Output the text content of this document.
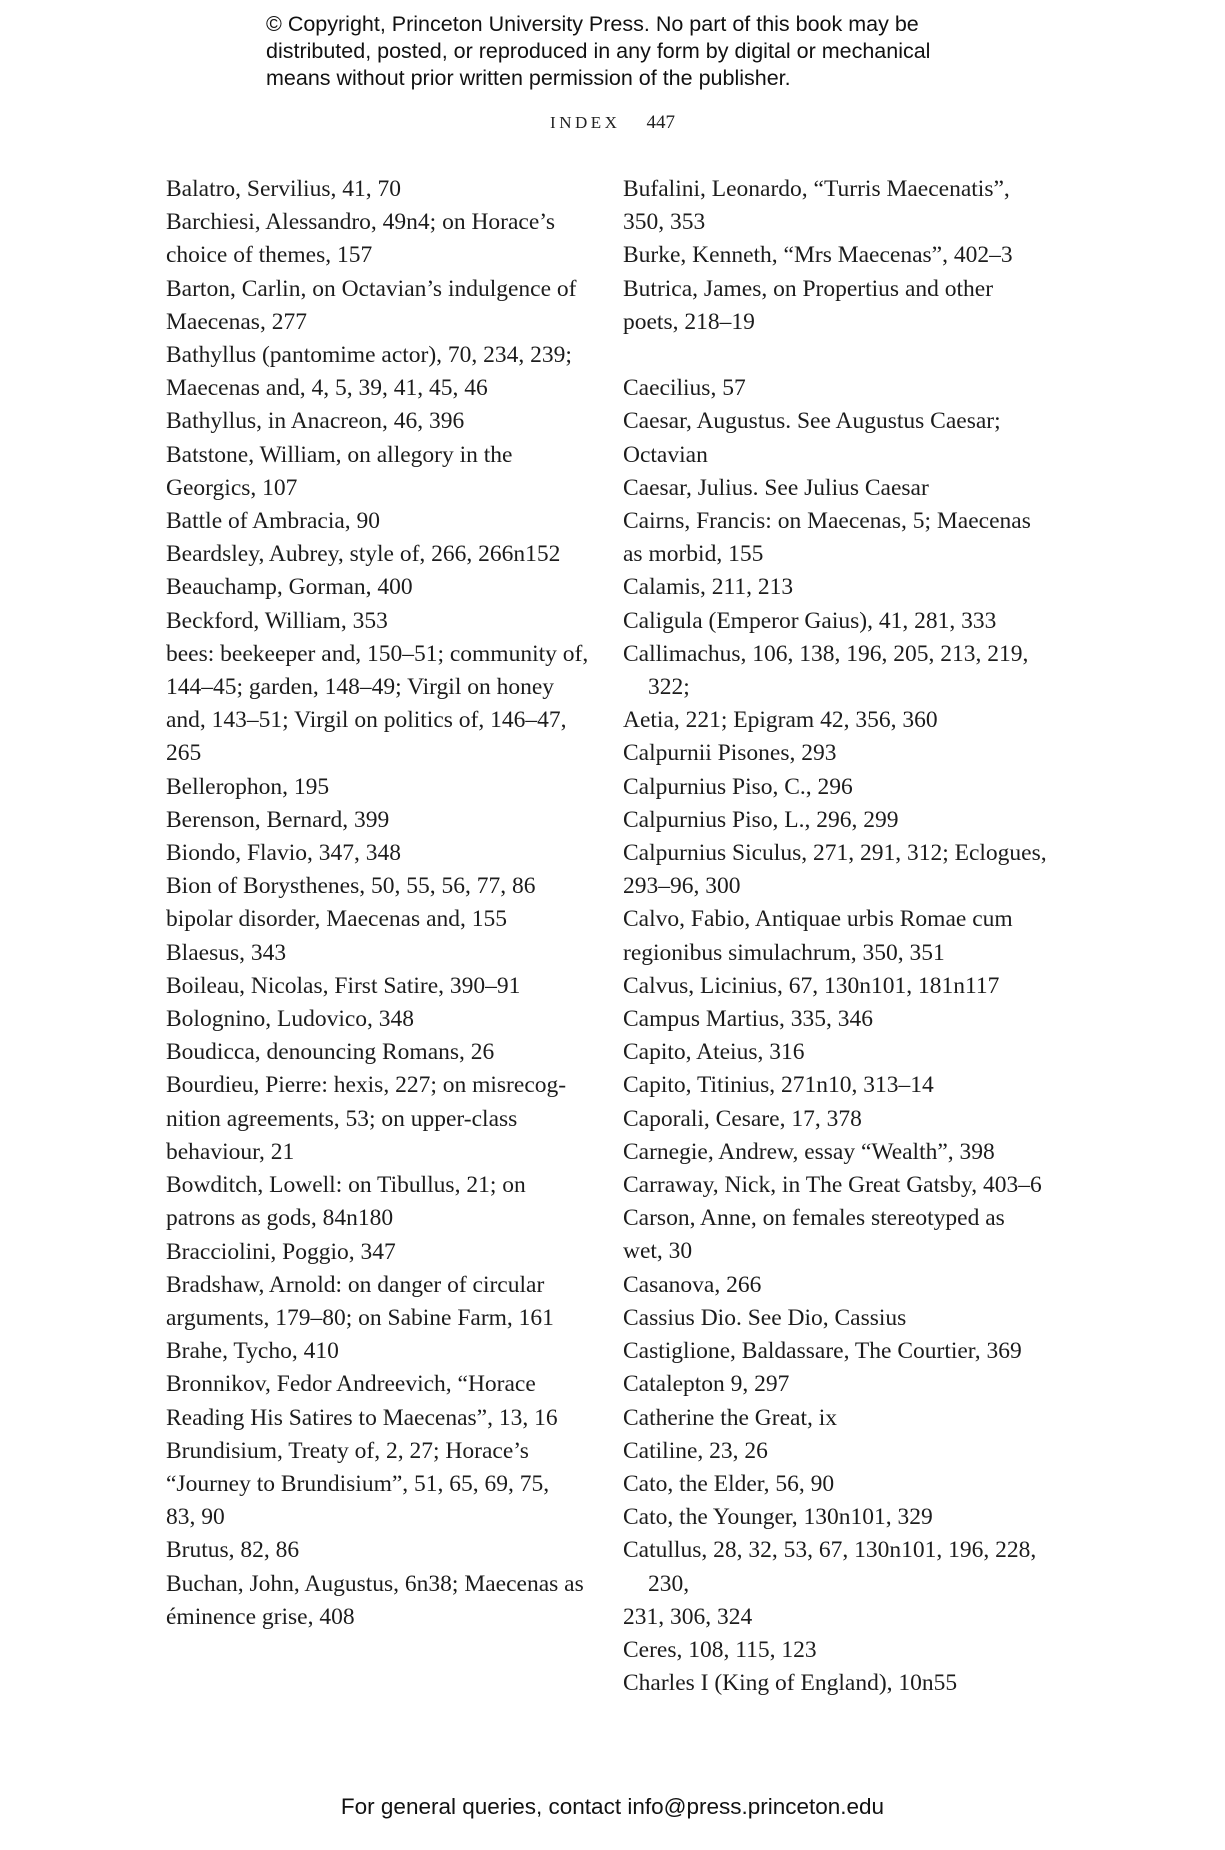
© Copyright, Princeton University Press. No part of this book may be
distributed, posted, or reproduced in any form by digital or mechanical
means without prior written permission of the publisher.
INDEX 447

Balatro, Servilius, 41, 70

Barchiesi, Alessandro, 49n4; on Horace’s
choice of themes, 157

Barton, Carlin, on Octavian’s indulgence of
Maecenas, 277

Bathyllus (pantomime actor), 70, 234, 239;
Maecenas and, 4, 5, 39, 41, 45, 46

Bathyllus, in Anacreon, 46, 396

Batstone, William, on allegory in the
Georgics, 107

Battle of Ambracia, 90

Beardsley, Aubrey, style of, 266, 266n152

Beauchamp, Gorman, 400

Beckford, William, 353

bees: beekeeper and, 150–51; community of,
144–45; garden, 148–49; Virgil on honey
and, 143–51; Virgil on politics of, 146–47,
265

Bellerophon, 195

Berenson, Bernard, 399

Biondo, Flavio, 347, 348

Bion of Borysthenes, 50, 55, 56, 77, 86

bipolar disorder, Maecenas and, 155

Blaesus, 343

Boileau, Nicolas, First Satire, 390–91

Bolognino, Ludovico, 348

Boudicca, denouncing Romans, 26

Bourdieu, Pierre: hexis, 227; on misrecog-
nition agreements, 53; on upper-class
behaviour, 21

Bowditch, Lowell: on Tibullus, 21; on
patrons as gods, 84n180

Bracciolini, Poggio, 347

Bradshaw, Arnold: on danger of circular
arguments, 179–80; on Sabine Farm, 161

Brahe, Tycho, 410

Bronnikov, Fedor Andreevich, “Horace
Reading His Satires to Maecenas”, 13, 16

Brundisium, Treaty of, 2, 27; Horace’s
“Journey to Brundisium”, 51, 65, 69, 75,
83, 90

Brutus, 82, 86

Buchan, John, Augustus, 6n38; Maecenas as
éminence grise, 408

Bufalini, Leonardo, “Turris Maecenatis”,
350, 353

Burke, Kenneth, “Mrs Maecenas”, 402–3

Butrica, James, on Propertius and other
poets, 218–19

Caecilius, 57

Caesar, Augustus. See Augustus Caesar;
Octavian

Caesar, Julius. See Julius Caesar

Cairns, Francis: on Maecenas, 5; Maecenas
as morbid, 155

Calamis, 211, 213

Caligula (Emperor Gaius), 41, 281, 333

Callimachus, 106, 138, 196, 205, 213, 219, 322;
Aetia, 221; Epigram 42, 356, 360

Calpurnii Pisones, 293

Calpurnius Piso, C., 296

Calpurnius Piso, L., 296, 299

Calpurnius Siculus, 271, 291, 312; Eclogues,
293–96, 300

Calvo, Fabio, Antiquae urbis Romae cum
regionibus simulachrum, 350, 351

Calvus, Licinius, 67, 130n101, 181n117

Campus Martius, 335, 346

Capito, Ateius, 316

Capito, Titinius, 271n10, 313–14

Caporali, Cesare, 17, 378

Carnegie, Andrew, essay “Wealth”, 398

Carraway, Nick, in The Great Gatsby, 403–6

Carson, Anne, on females stereotyped as
wet, 30

Casanova, 266

Cassius Dio. See Dio, Cassius

Castiglione, Baldassare, The Courtier, 369

Catalepton 9, 297

Catherine the Great, ix

Catiline, 23, 26

Cato, the Elder, 56, 90

Cato, the Younger, 130n101, 329

Catullus, 28, 32, 53, 67, 130n101, 196, 228, 230,
231, 306, 324

Ceres, 108, 115, 123

Charles I (King of England), 10n55

For general queries, contact info@press.princeton.edu
